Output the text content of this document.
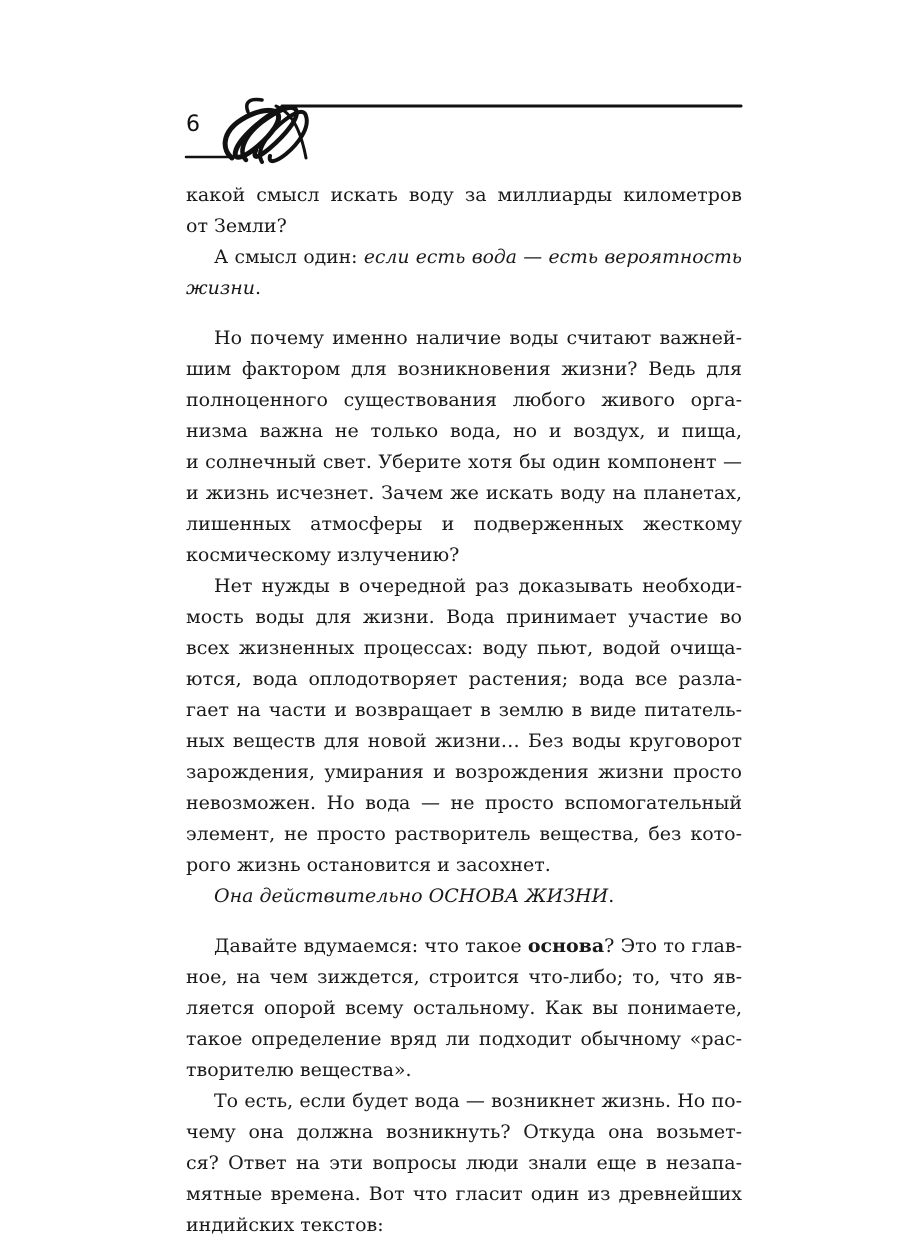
6
какой смысл искать воду за миллиарды километров
от Земли?
А смысл один: если есть вода — есть вероятность
жизни.
Но почему именно наличие воды считают важней-
шим фактором для возникновения жизни? Ведь для
полноценного существования любого живого орга-
низма важна не только вода, но и воздух, и пища,
и солнечный свет. Уберите хотя бы один компонент —
и жизнь исчезнет. Зачем же искать воду на планетах,
лишенных атмосферы и подверженных жесткому
космическому излучению?
Нет нужды в очередной раз доказывать необходи-
мость воды для жизни. Вода принимает участие во
всех жизненных процессах: воду пьют, водой очища-
ются, вода оплодотворяет растения; вода все разла-
гает на части и возвращает в землю в виде питатель-
ных веществ для новой жизни… Без воды круговорот
зарождения, умирания и возрождения жизни просто
невозможен. Но вода — не просто вспомогательный
элемент, не просто растворитель вещества, без кото-
рого жизнь остановится и засохнет.
Она действительно ОСНОВА ЖИЗНИ.
Давайте вдумаемся: что такое основа? Это то глав-
ное, на чем зиждется, строится что-либо; то, что яв-
ляется опорой всему остальному. Как вы понимаете,
такое определение вряд ли подходит обычному «рас-
творителю вещества».
То есть, если будет вода — возникнет жизнь. Но по-
чему она должна возникнуть? Откуда она возьмет-
ся? Ответ на эти вопросы люди знали еще в незапа-
мятные времена. Вот что гласит один из древнейших
индийских текстов:
